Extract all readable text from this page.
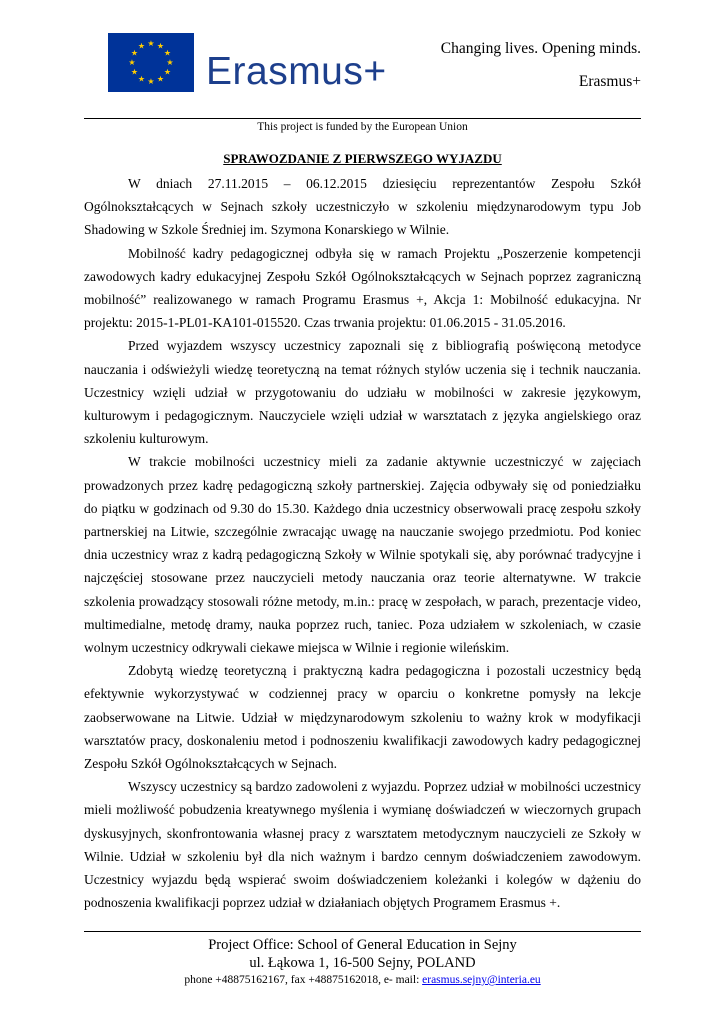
★ ★
★
★
★
★
★
★
★
★
★
★
Erasmus+
Changing lives. Opening minds.
Erasmus+
This project is funded by the European Union
SPRAWOZDANIE Z PIERWSZEGO WYJAZDU

W dniach 27.11.2015 – 06.12.2015 dziesięciu reprezentantów Zespołu Szkół Ogólnokształcących w Sejnach szkoły uczestniczyło w szkoleniu międzynarodowym typu Job Shadowing w Szkole Średniej im. Szymona Konarskiego w Wilnie.

Mobilność kadry pedagogicznej odbyła się w ramach Projektu „Poszerzenie kompetencji zawodowych kadry edukacyjnej Zespołu Szkół Ogólnokształcących w Sejnach poprzez zagraniczną mobilność” realizowanego w ramach Programu Erasmus +, Akcja 1: Mobilność edukacyjna. Nr projektu: 2015-1-PL01-KA101-015520. Czas trwania projektu: 01.06.2015 - 31.05.2016.

Przed wyjazdem wszyscy uczestnicy zapoznali się z bibliografią poświęconą metodyce nauczania i odświeżyli wiedzę teoretyczną na temat różnych stylów uczenia się i technik nauczania. Uczestnicy wzięli udział w przygotowaniu do udziału w mobilności w zakresie językowym, kulturowym i pedagogicznym. Nauczyciele wzięli udział w warsztatach z języka angielskiego oraz szkoleniu kulturowym.

W trakcie mobilności uczestnicy mieli za zadanie aktywnie uczestniczyć w zajęciach prowadzonych przez kadrę pedagogiczną szkoły partnerskiej. Zajęcia odbywały się od poniedziałku do piątku w godzinach od 9.30 do 15.30. Każdego dnia uczestnicy obserwowali pracę zespołu szkoły partnerskiej na Litwie, szczególnie zwracając uwagę na nauczanie swojego przedmiotu. Pod koniec dnia uczestnicy wraz z kadrą pedagogiczną Szkoły w Wilnie spotykali się, aby porównać tradycyjne i najczęściej stosowane przez nauczycieli metody nauczania oraz teorie alternatywne. W trakcie szkolenia prowadzący stosowali różne metody, m.in.: pracę w zespołach, w parach, prezentacje video, multimedialne, metodę dramy, nauka poprzez ruch, taniec. Poza udziałem w szkoleniach, w czasie wolnym uczestnicy odkrywali ciekawe miejsca w Wilnie i regionie wileńskim.

Zdobytą wiedzę teoretyczną i praktyczną kadra pedagogiczna i pozostali uczestnicy będą efektywnie wykorzystywać w codziennej pracy w oparciu o konkretne pomysły na lekcje zaobserwowane na Litwie. Udział w międzynarodowym szkoleniu to ważny krok w modyfikacji warsztatów pracy, doskonaleniu metod i podnoszeniu kwalifikacji zawodowych kadry pedagogicznej Zespołu Szkół Ogólnokształcących w Sejnach.

Wszyscy uczestnicy są bardzo zadowoleni z wyjazdu. Poprzez udział w mobilności uczestnicy mieli możliwość pobudzenia kreatywnego myślenia i wymianę doświadczeń w wieczornych grupach dyskusyjnych, skonfrontowania własnej pracy z warsztatem metodycznym nauczycieli ze Szkoły w Wilnie. Udział w szkoleniu był dla nich ważnym i bardzo cennym doświadczeniem zawodowym. Uczestnicy wyjazdu będą wspierać swoim doświadczeniem koleżanki i kolegów w dążeniu do podnoszenia kwalifikacji poprzez udział w działaniach objętych Programem Erasmus +.

Project Office: School of General Education in Sejny
ul. Łąkowa 1, 16-500 Sejny, POLAND
phone +48875162167, fax +48875162018, e- mail: erasmus.sejny@interia.eu
